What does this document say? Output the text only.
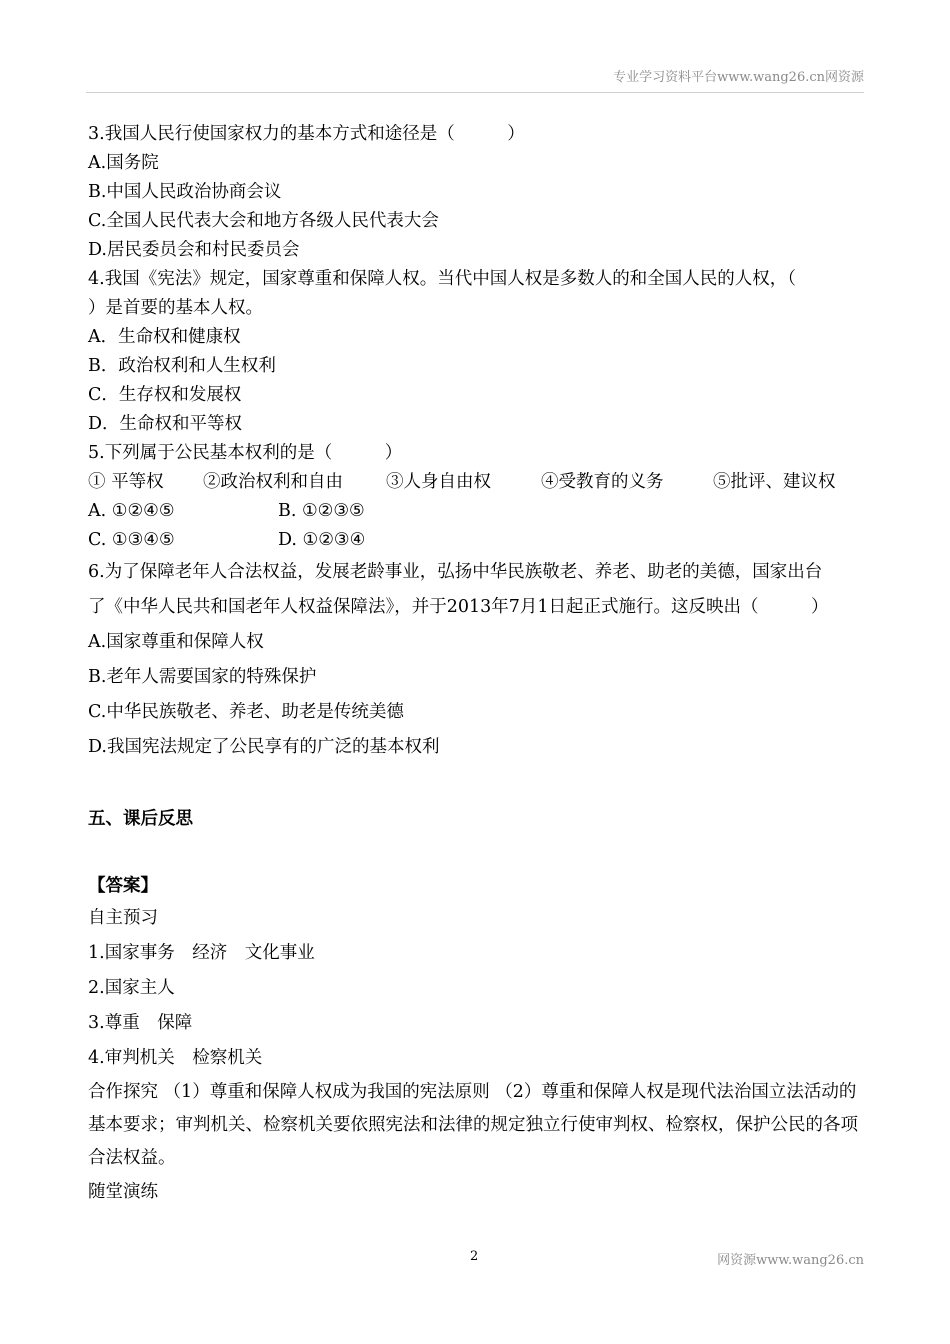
专业学习资料平台www.wang26.cn网资源
3.我国人民行使国家权力的基本方式和途径是（　　　）
A.国务院
B.中国人民政治协商会议
C.全国人民代表大会和地方各级人民代表大会
D.居民委员会和村民委员会
4.我国《宪法》规定，国家尊重和保障人权。当代中国人权是多数人的和全国人民的人权，（
）是首要的基本人权。
A．生命权和健康权
B．政治权利和人生权利
C．生存权和发展权
D．生命权和平等权
5.下列属于公民基本权利的是（　　　）
① 平等权	②政治权利和自由	③人身自由权	④受教育的义务	⑤批评、建议权
A. ①②④⑤	B. ①②③⑤
C. ①③④⑤	D. ①②③④
6.为了保障老年人合法权益，发展老龄事业，弘扬中华民族敬老、养老、助老的美德，国家出台
了《中华人民共和国老年人权益保障法》，并于2013年7月1日起正式施行。这反映出（　　　）
A.国家尊重和保障人权
B.老年人需要国家的特殊保护
C.中华民族敬老、养老、助老是传统美德
D.我国宪法规定了公民享有的广泛的基本权利
五、课后反思
【答案】
自主预习
1.国家事务　经济　文化事业
2.国家主人
3.尊重　保障
4.审判机关　检察机关
合作探究 （1）尊重和保障人权成为我国的宪法原则 （2）尊重和保障人权是现代法治国立法活动的基本要求；审判机关、检察机关要依照宪法和法律的规定独立行使审判权、检察权，保护公民的各项合法权益。
随堂演练
2	网资源www.wang26.cn
